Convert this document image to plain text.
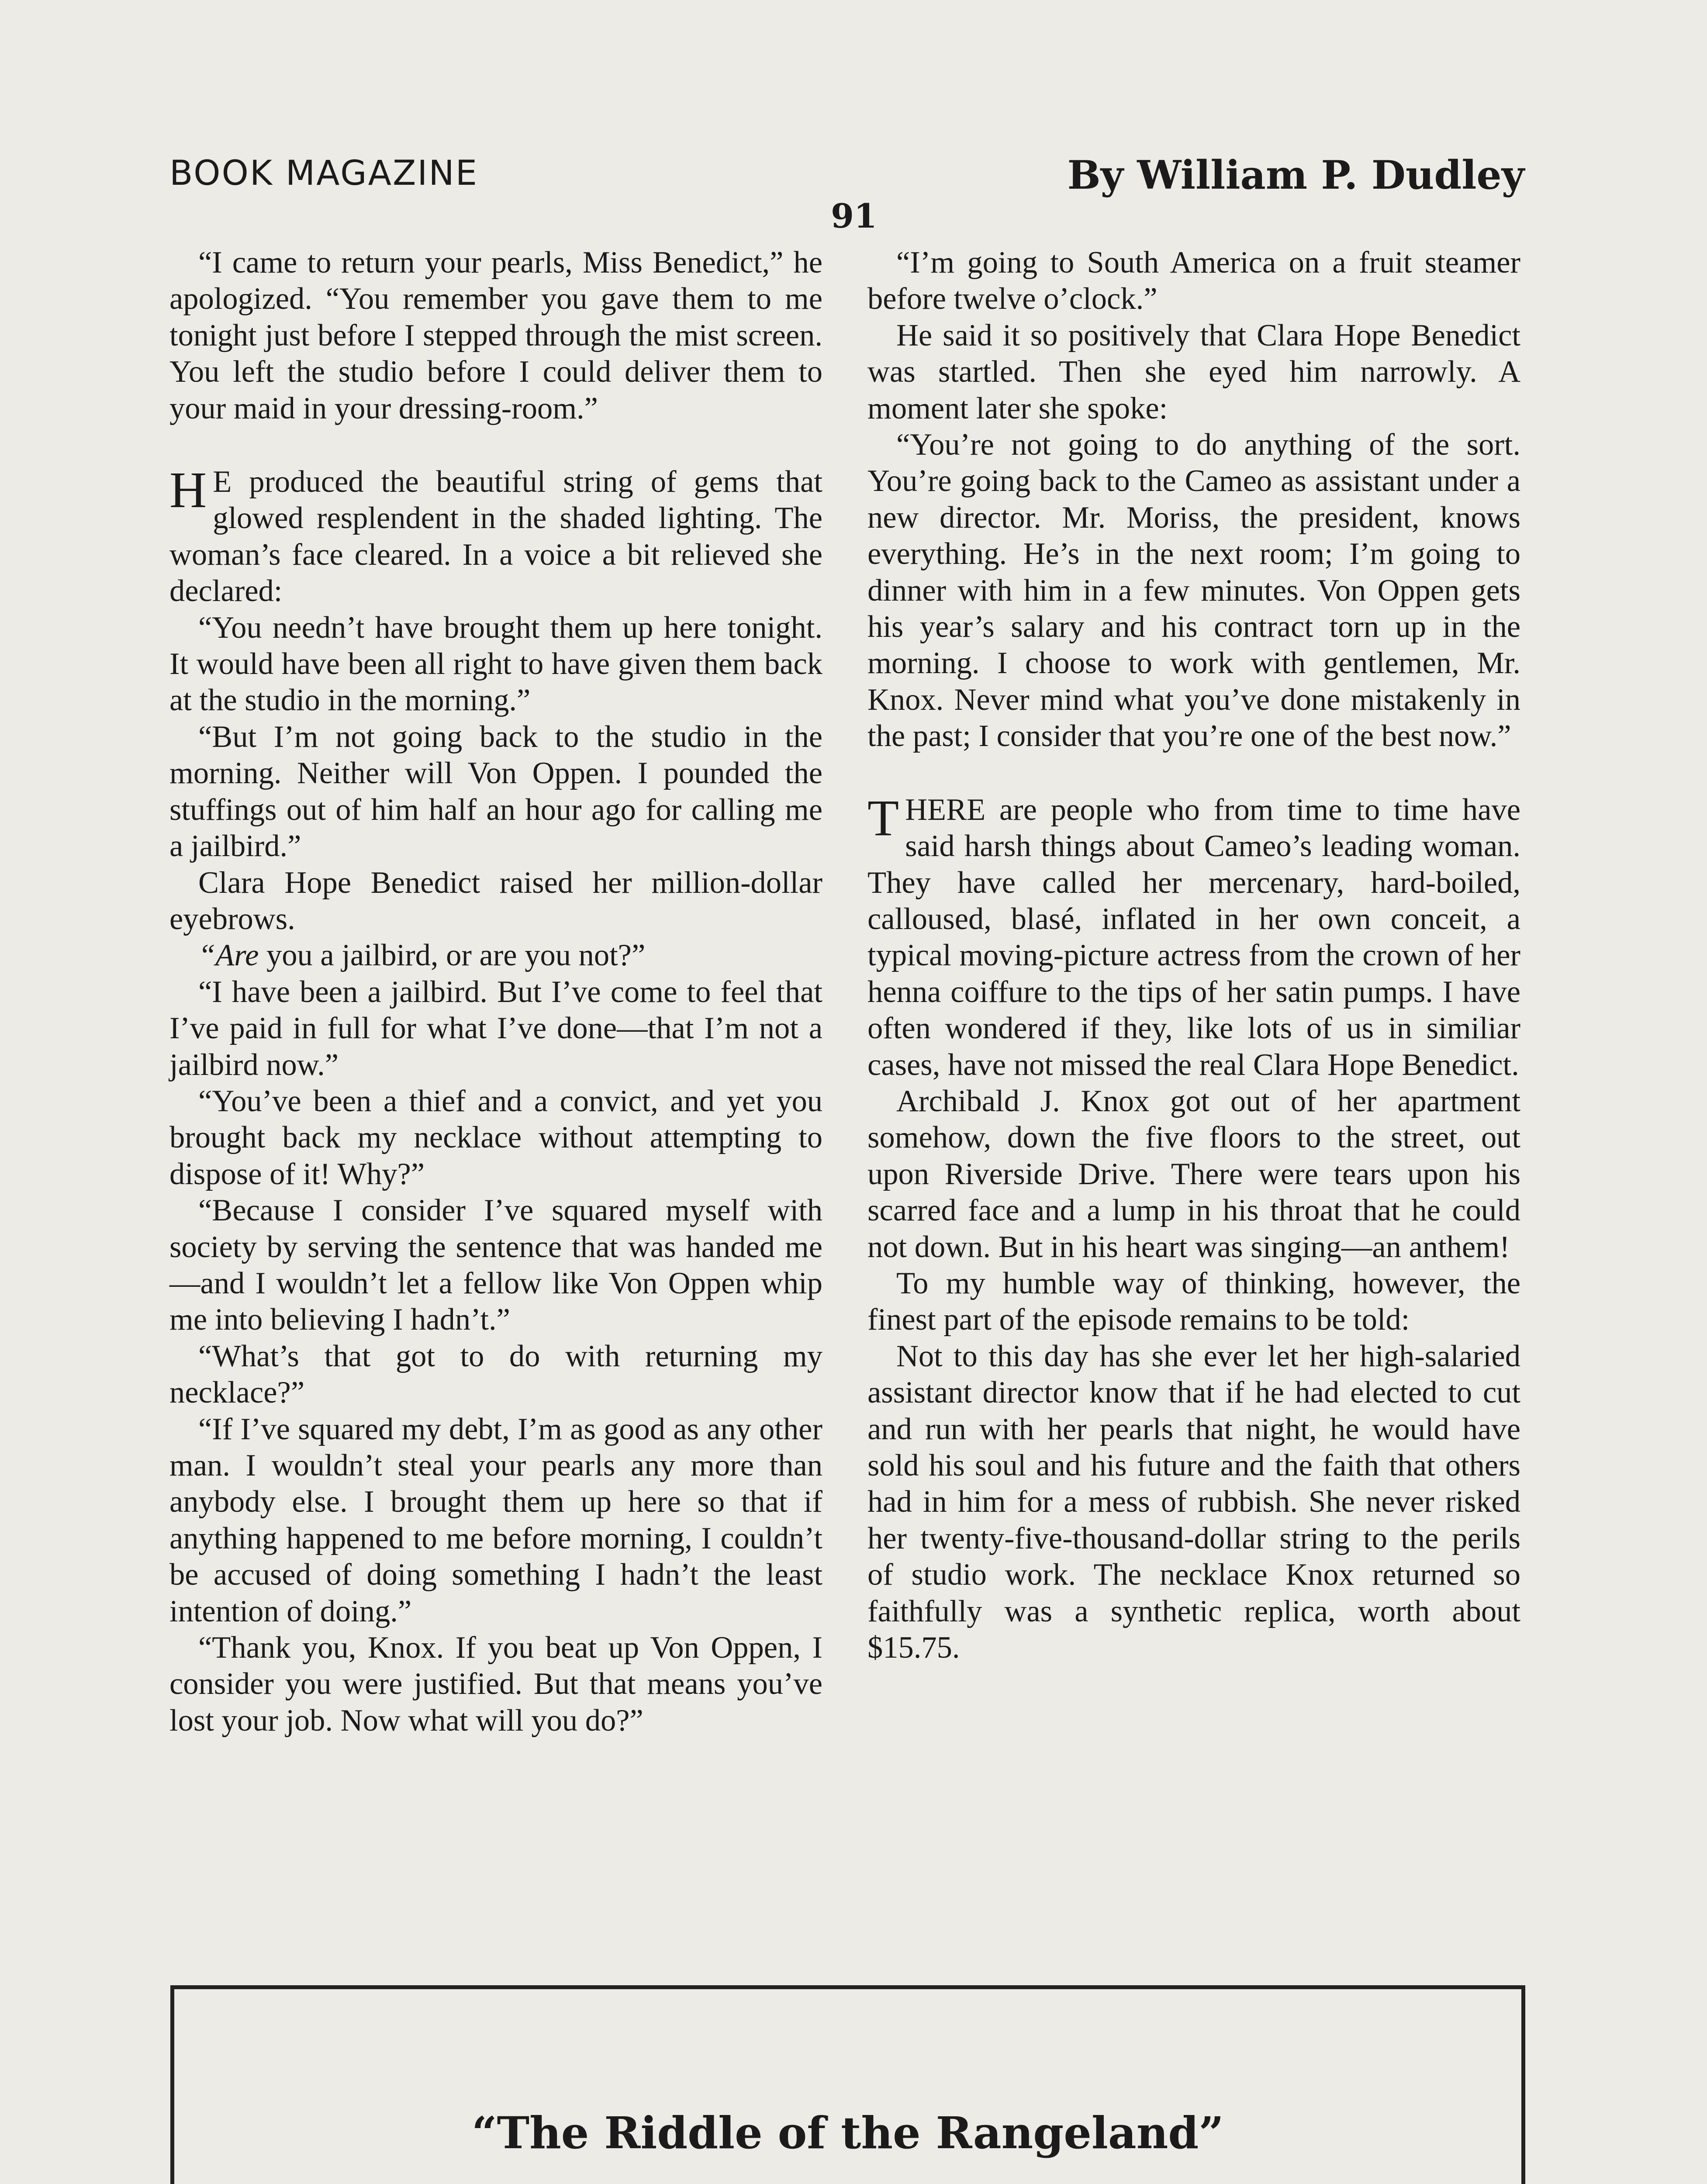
BOOK MAGAZINE	By William P. Dudley
91

“I came to return your pearls, Miss Benedict,” he apologized. “You remember you gave them to me tonight just before I stepped through the mist screen. You left the studio before I could deliver them to your maid in your dressing-room.”

H E produced the beautiful string of gems that glowed resplendent in the shaded lighting. The woman’s face cleared. In a voice a bit relieved she declared:

“You needn’t have brought them up here tonight. It would have been all right to have given them back at the studio in the morning.”

“But I’m not going back to the studio in the morning. Neither will Von Oppen. I pounded the stuffings out of him half an hour ago for calling me a jailbird.”

Clara Hope Benedict raised her million-dollar eyebrows.

“Are you a jailbird, or are you not?”

“I have been a jailbird. But I’ve come to feel that I’ve paid in full for what I’ve done—that I’m not a jailbird now.”

“You’ve been a thief and a convict, and yet you brought back my necklace without attempting to dispose of it! Why?”

“Because I consider I’ve squared myself with society by serving the sentence that was handed me—and I wouldn’t let a fellow like Von Oppen whip me into believing I hadn’t.”

“What’s that got to do with returning my necklace?”

“If I’ve squared my debt, I’m as good as any other man. I wouldn’t steal your pearls any more than anybody else. I brought them up here so that if anything happened to me before morning, I couldn’t be accused of doing something I hadn’t the least intention of doing.”

“Thank you, Knox. If you beat up Von Oppen, I consider you were justified. But that means you’ve lost your job. Now what will you do?”

“I’m going to South America on a fruit steamer before twelve o’clock.”

He said it so positively that Clara Hope Benedict was startled. Then she eyed him narrowly. A moment later she spoke:

“You’re not going to do anything of the sort. You’re going back to the Cameo as assistant under a new director. Mr. Moriss, the president, knows everything. He’s in the next room; I’m going to dinner with him in a few minutes. Von Oppen gets his year’s salary and his contract torn up in the morning. I choose to work with gentlemen, Mr. Knox. Never mind what you’ve done mistakenly in the past; I consider that you’re one of the best now.”

THERE are people who from time to time have said harsh things about Cameo’s leading woman. They have called her mercenary, hard-boiled, calloused, blasé, inflated in her own conceit, a typical moving-picture actress from the crown of her henna coiffure to the tips of her satin pumps. I have often wondered if they, like lots of us in similiar cases, have not missed the real Clara Hope Benedict.

Archibald J. Knox got out of her apartment somehow, down the five floors to the street, out upon Riverside Drive. There were tears upon his scarred face and a lump in his throat that he could not down. But in his heart was singing—an anthem!

To my humble way of thinking, however, the finest part of the episode remains to be told:

Not to this day has she ever let her high-salaried assistant director know that if he had elected to cut and run with her pearls that night, he would have sold his soul and his future and the faith that others had in him for a mess of rubbish. She never risked her twenty-five-thousand-dollar string to the perils of studio work. The necklace Knox returned so faithfully was a synthetic replica, worth about $15.75.

“The Riddle of the Rangeland”
